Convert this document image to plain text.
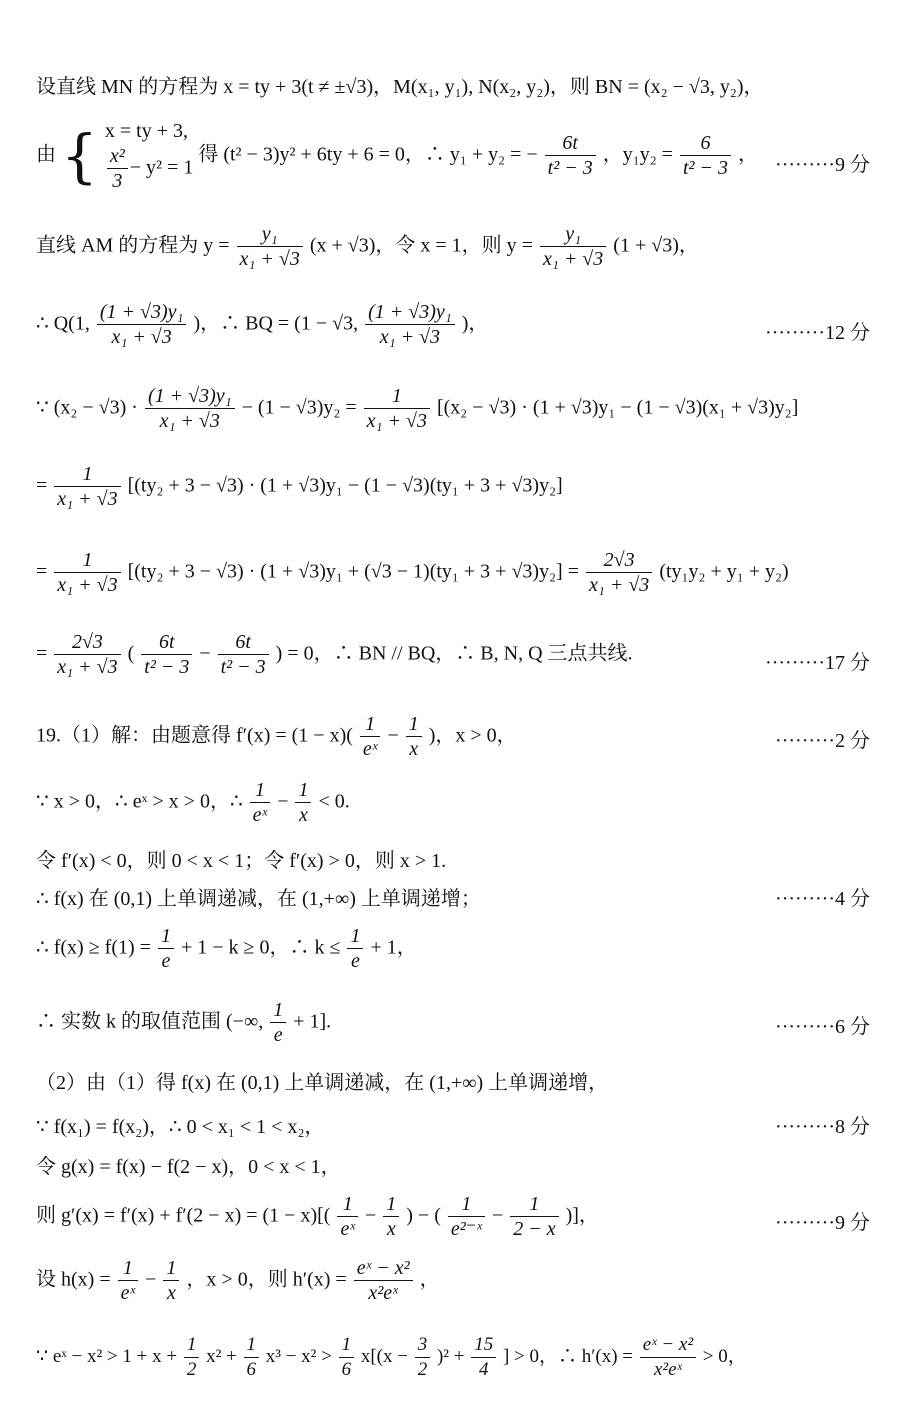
设直线 MN 的方程为 x = ty + 3(t ≠ ±√3)，M(x₁, y₁), N(x₂, y₂)，则 BN = (x₂ − √3, y₂)，
由 { x = ty + 3,
$\frac{\text{x²}}{3} - y^2 = 1$
得 (t² − 3)y² + 6ty + 6 = 0，∴ y₁ + y₂ = − $\frac{6t}{\text{t² − 3}}$ ，$y_1y_2 = \frac{6}{\text{t² − 3}}$ ， ·········9 分
直线 AM 的方程为 $y = \frac{\text{y₁}}{\text{x₁ + √3}} (x + √3)$，令 x = 1，则 $y = \frac{\text{y₁}}{\text{x₁ + √3}} (1 + √3)$，
∴ Q(1, $\frac{\text{(1 + √3)y₁}}{\text{x₁ + √3}}$ )，∴ BQ = (1 − √3, $\frac{\text{(1 + √3)y₁}}{\text{x₁ + √3}}$ )，	·········12 分
∵ $(x_2 - √3) \cdot \frac{\text{(1 + √3)y₁}}{\text{x₁ + √3}} - (1 - √3)y_2 = \frac{1}{\text{x₁ + √3}} [(x_2 - √3) \cdot (1 + √3)y_1 - (1 - √3)(x_1 + √3)y_2]$
= $\frac{1}{\text{x₁ + √3}} [(ty_2 + 3 - √3) \cdot (1 + √3)y_1 - (1 - √3)(ty_1 + 3 + √3)y_2]$
= $\frac{1}{\text{x₁ + √3}} [(ty_2 + 3 - √3) \cdot (1 + √3)y_1 + (√3 - 1)(ty_1 + 3 + √3)y_2] = \frac{2√3}{\text{x₁ + √3}} (ty_1y_2 + y_1 + y_2)$
= $\frac{2√3}{\text{x₁ + √3}}$ ( $\frac{6t}{\text{t² − 3}} - \frac{6t}{\text{t² − 3}}$ ) = 0，∴ BN // BQ，∴ B, N, Q 三点共线.	·········17 分
19.（1）解：由题意得 $f'(x) = (1 - x)( \frac{1}{\text{eˣ}} - \frac{1}{x}$ )，x > 0，	·········2 分
∵ x > 0，∴ eˣ > x > 0，∴ $\frac{1}{\text{eˣ}} - \frac{1}{x} < 0$.
令 f′(x) < 0，则 0 < x < 1；令 f′(x) > 0，则 x > 1.
∴ f(x) 在 (0,1) 上单调递减，在 (1,+∞) 上单调递增；	·········4 分
∴ $f(x) \ge f(1) = \frac{1}{e} + 1 - k \ge 0$，∴ $k \le \frac{1}{e} + 1$，
∴ 实数 k 的取值范围 (−∞, $\frac{1}{e} + 1$].	·········6 分
（2）由（1）得 f(x) 在 (0,1) 上单调递减，在 (1,+∞) 上单调递增，
∵ f(x₁) = f(x₂)，∴ 0 < x₁ < 1 < x₂，	·········8 分
令 g(x) = f(x) − f(2 − x)，0 < x < 1，
则 $g'(x) = f'(x) + f'(2 - x) = (1 - x)[( \frac{1}{\text{eˣ}} - \frac{1}{x}$ ) − ( $\frac{1}{\text{e²⁻ˣ}} - \frac{1}{2 - x}$ )]，	·········9 分
设 $h(x) = \frac{1}{\text{eˣ}} - \frac{1}{x}$ ，x > 0，则 $h'(x) = \frac{\text{eˣ − x²}}{\text{x²eˣ}}$ ，
∵ eˣ − $x^2 > 1 + x + \frac{1}{2} x^2 + \frac{1}{6} x^3 - x^2 > \frac{1}{6} x[(x - \frac{3}{2} )^2 + \frac{15}{4}$ ] > 0，∴ $h'(x) = \frac{\text{eˣ − x²}}{\text{x²eˣ}} > 0$，
